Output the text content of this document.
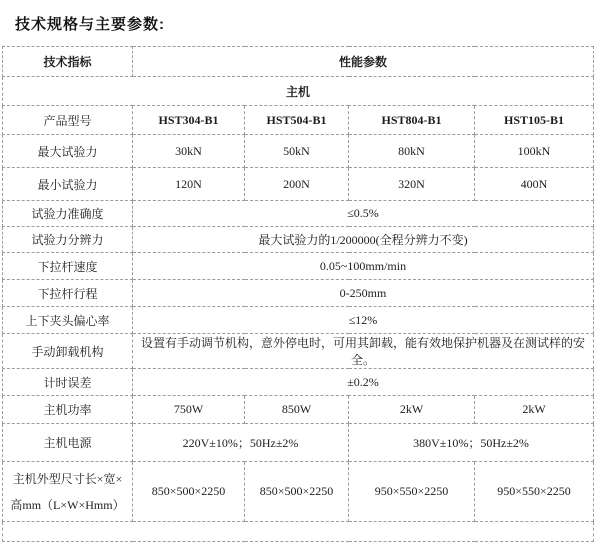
技术规格与主要参数:
技术指标	性能参数			
主机				
产品型号	HST304-B1	HST504-B1	HST804-B1	HST105-B1
最大试验力	30kN	50kN	80kN	100kN
最小试验力	120N	200N	320N	400N
试验力准确度	≤0.5%			
试验力分辨力	最大试验力的1/200000(全程分辨力不变)			
下拉杆速度	0.05~100mm/min			
下拉杆行程	0-250mm			
上下夹头偏心率	≤12%			
手动卸载机构	设置有手动调节机构，意外停电时，可用其卸载，能有效地保护机器及在测试样的安全。			
计时误差	±0.2%			
主机功率	750W	850W	2kW	2kW
主机电源	220V±10%；50Hz±2%		380V±10%；50Hz±2%	
主机外型尺寸长×宽×高mm（L×W×Hmm）	850×500×2250	850×500×2250	950×550×2250	950×550×2250
